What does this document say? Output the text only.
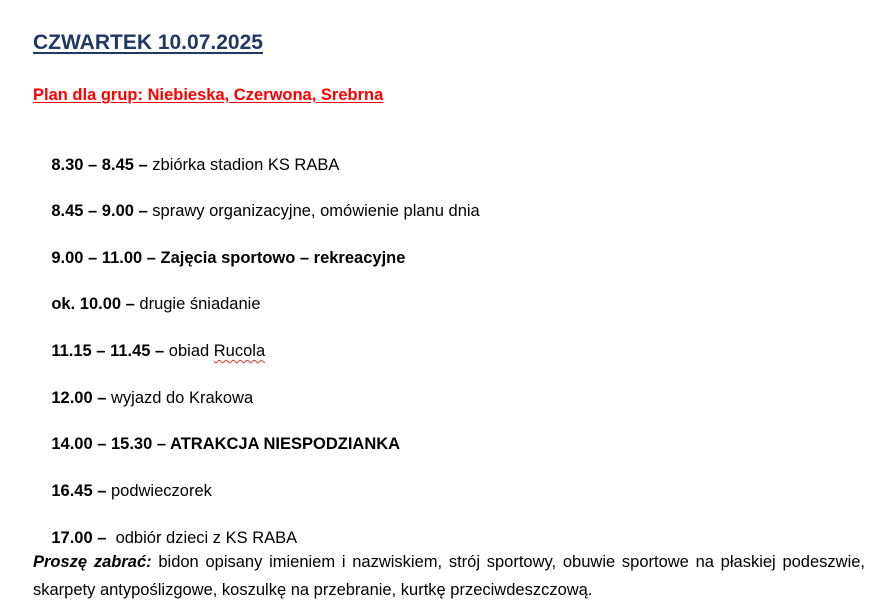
CZWARTEK 10.07.2025
Plan dla grup: Niebieska, Czerwona, Srebrna

8.30 – 8.45 – zbiórka stadion KS RABA

8.45 – 9.00 – sprawy organizacyjne, omówienie planu dnia

9.00 – 11.00 – Zajęcia sportowo – rekreacyjne

ok. 10.00 – drugie śniadanie

11.15 – 11.45 – obiad Rucola

12.00 – wyjazd do Krakowa

14.00 – 15.30 – ATRAKCJA NIESPODZIANKA

16.45 – podwieczorek

17.00 –  odbiór dzieci z KS RABA

Proszę zabrać: bidon opisany imieniem i nazwiskiem, strój sportowy, obuwie sportowe na płaskiej podeszwie, skarpety antypoślizgowe, koszulkę na przebranie, kurtkę przeciwdeszczową.
